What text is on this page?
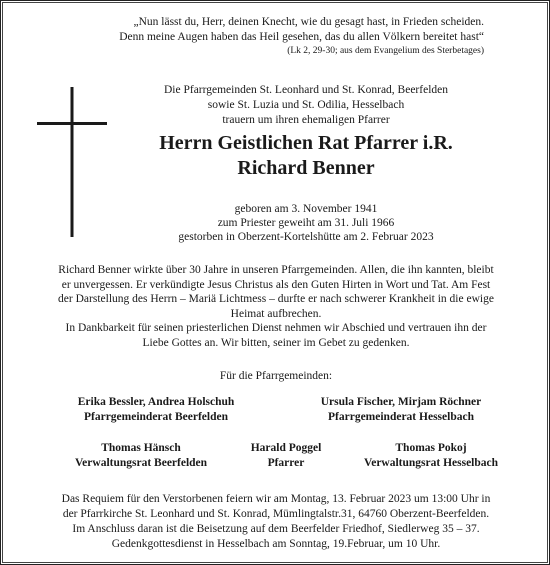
„Nun lässt du, Herr, deinen Knecht, wie du gesagt hast, in Frieden scheiden.
Denn meine Augen haben das Heil gesehen, das du allen Völkern bereitet hast“
(Lk 2, 29-30; aus dem Evangelium des Sterbetages)
Die Pfarrgemeinden St. Leonhard und St. Konrad, Beerfelden
sowie St. Luzia und St. Odilia, Hesselbach
trauern um ihren ehemaligen Pfarrer
Herrn Geistlichen Rat Pfarrer i.R.
Richard Benner
geboren am 3. November 1941
zum Priester geweiht am 31. Juli 1966
gestorben in Oberzent-Kortelshütte am 2. Februar 2023
Richard Benner wirkte über 30 Jahre in unseren Pfarrgemeinden. Allen, die ihn kannten, bleibt
er unvergessen. Er verkündigte Jesus Christus als den Guten Hirten in Wort und Tat. Am Fest
der Darstellung des Herrn – Mariä Lichtmess – durfte er nach schwerer Krankheit in die ewige
Heimat aufbrechen.
In Dankbarkeit für seinen priesterlichen Dienst nehmen wir Abschied und vertrauen ihn der
Liebe Gottes an. Wir bitten, seiner im Gebet zu gedenken.
Für die Pfarrgemeinden:
Erika Bessler, Andrea Holschuh
Pfarrgemeinderat Beerfelden
Ursula Fischer, Mirjam Röchner
Pfarrgemeinderat Hesselbach
Thomas Hänsch
Verwaltungsrat Beerfelden
Harald Poggel
Pfarrer
Thomas Pokoj
Verwaltungsrat Hesselbach
Das Requiem für den Verstorbenen feiern wir am Montag, 13. Februar 2023 um 13:00 Uhr in
der Pfarrkirche St. Leonhard und St. Konrad, Mümlingtalstr.31, 64760 Oberzent-Beerfelden.
Im Anschluss daran ist die Beisetzung auf dem Beerfelder Friedhof, Siedlerweg 35 – 37.
Gedenkgottesdienst in Hesselbach am Sonntag, 19.Februar, um 10 Uhr.
